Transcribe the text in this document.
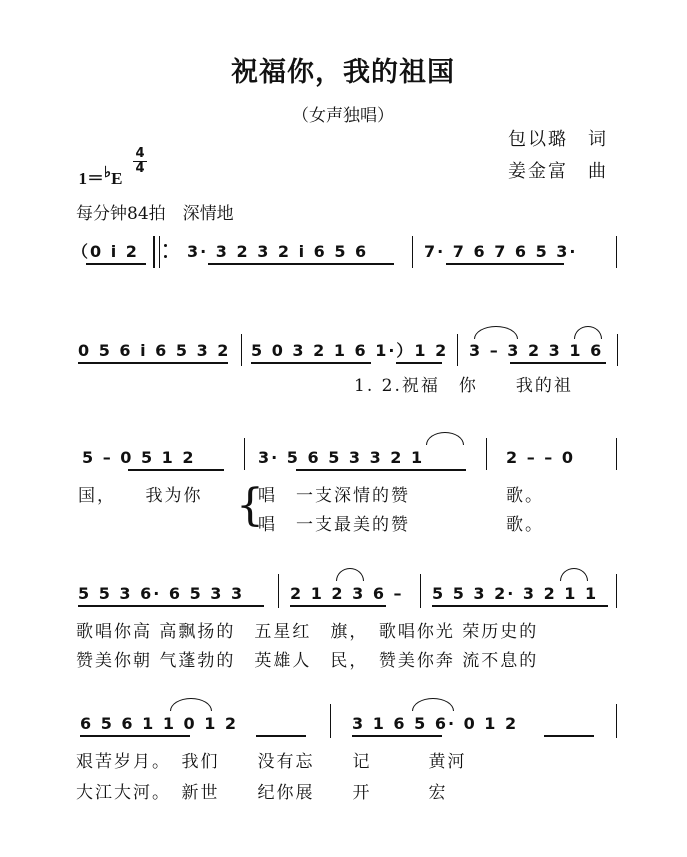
祝福你，我的祖国
（女声独唱）
包以璐　词
姜金富　曲

1＝♭E

4
4
每分钟84拍　深情地
（0 i 2	3· 3 2 3 2 i 6 5 6	7· 7 6 7 6 5 3·
0 5 6 i 6 5 3 2 5 0 3 2 1 6 1·）1 2 3 – 3 2 3 1 6
1. 2.祝福　你　　我的祖
5 – 0 5 1 2	3· 5 6 5 3 3 2 1	2 – – 0
国，　　我为你 {
唱　一支深情的赞	歌。
唱　一支最美的赞	歌。
5 5 3 6· 6 5 3 3	2 1 2 3 6 – 5 5 3 2· 3 2 1 1
歌唱你高 高飘扬的　五星红　旗，　歌唱你光 荣历史的
赞美你朝 气蓬勃的　英雄人　民，　赞美你奔 流不息的
6 5 6 1 1 0 1 2	3 1 6 5 6· 0 1 2
艰苦岁月。　我们　　没有忘　　记　　　黄河
大江大河。　新世　　纪你展　　开　　　宏
